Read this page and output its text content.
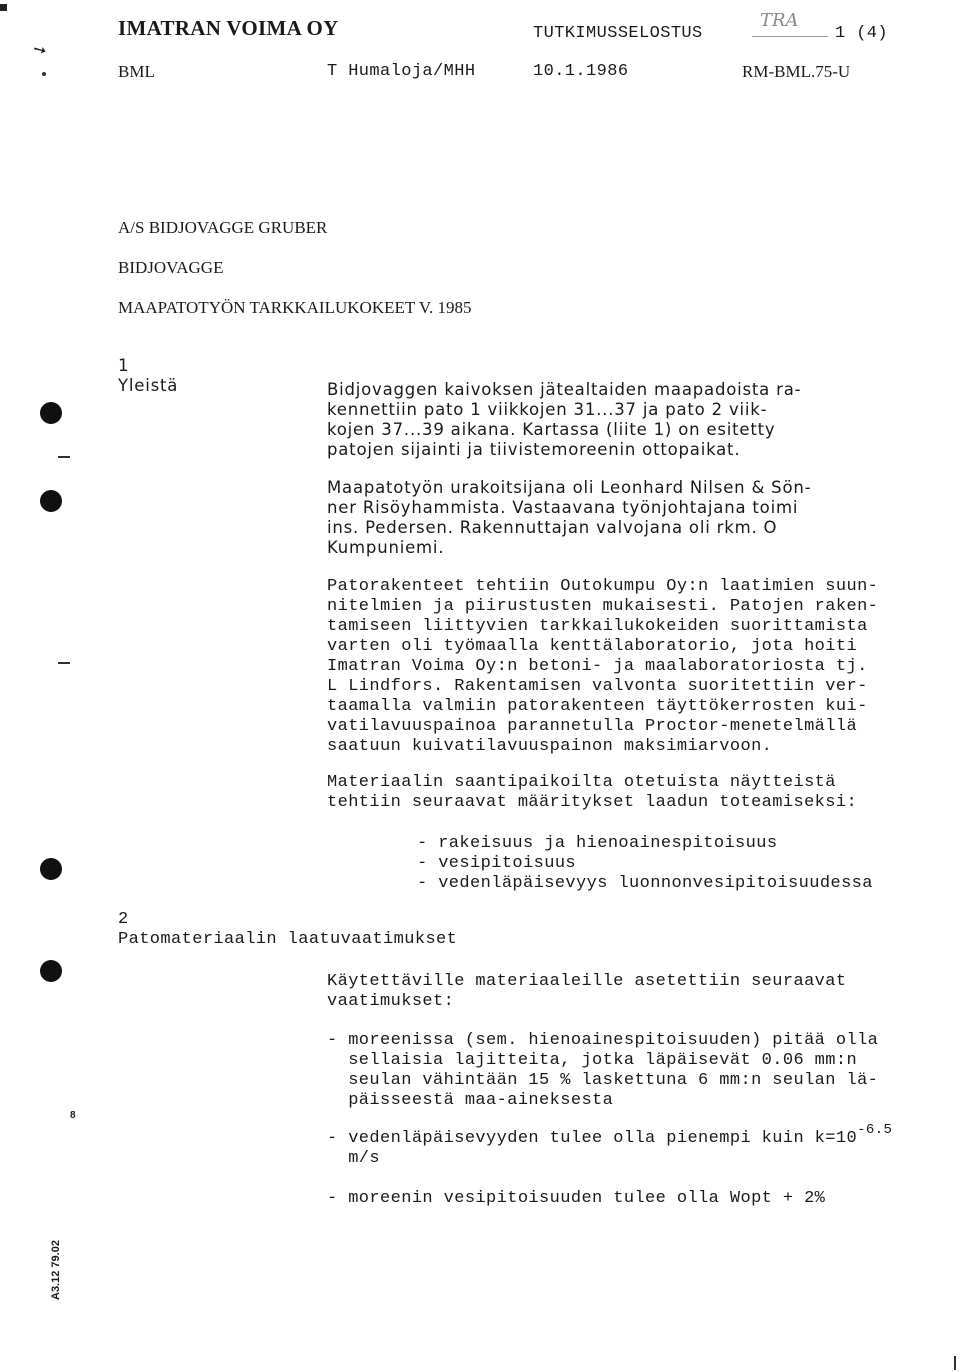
IMATRAN VOIMA OY	TUTKIMUSSELOSTUS
TRA
1 (4)
BML	T Humaloja/MHH	10.1.1986	RM-BML.75-U
A/S BIDJOVAGGE GRUBER
BIDJOVAGGE
MAAPATOTYÖN TARKKAILUKOKEET V. 1985
1
Yleistä	Bidjovaggen kaivoksen jätealtaiden maapadoista ra-
kennettiin pato 1 viikkojen 31...37 ja pato 2 viik-
kojen 37...39 aikana. Kartassa (liite 1) on esitetty
patojen sijainti ja tiivistemoreenin ottopaikat.
Maapatotyön urakoitsijana oli Leonhard Nilsen & Sön-
ner Risöyhammista. Vastaavana työnjohtajana toimi
ins. Pedersen. Rakennuttajan valvojana oli rkm. O
Kumpuniemi.
Patorakenteet tehtiin Outokumpu Oy:n laatimien suun-
nitelmien ja piirustusten mukaisesti. Patojen raken-
tamiseen liittyvien tarkkailukokeiden suorittamista
varten oli työmaalla kenttälaboratorio, jota hoiti
Imatran Voima Oy:n betoni- ja maalaboratoriosta tj.
L Lindfors. Rakentamisen valvonta suoritettiin ver-
taamalla valmiin patorakenteen täyttökerrosten kui-
vatilavuuspainoa parannetulla Proctor-menetelmällä
saatuun kuivatilavuuspainon maksimiarvoon.
Materiaalin saantipaikoilta otetuista näytteistä
tehtiin seuraavat määritykset laadun toteamiseksi:
- rakeisuus ja hienoainespitoisuus
- vesipitoisuus
- vedenläpäisevyys luonnonvesipitoisuudessa
2
Patomateriaalin laatuvaatimukset
Käytettäville materiaaleille asetettiin seuraavat
vaatimukset:
- moreenissa (sem. hienoainespitoisuuden) pitää olla
sellaisia lajitteita, jotka läpäisevät 0.06 mm:n
seulan vähintään 15 % laskettuna 6 mm:n seulan lä-
päisseestä maa-aineksesta
- vedenläpäisevyyden tulee olla pienempi kuin $k=10^{-6.5}$
m/s
- moreenin vesipitoisuuden tulee olla Wopt + 2%
➘
8
A3.12 79.02
